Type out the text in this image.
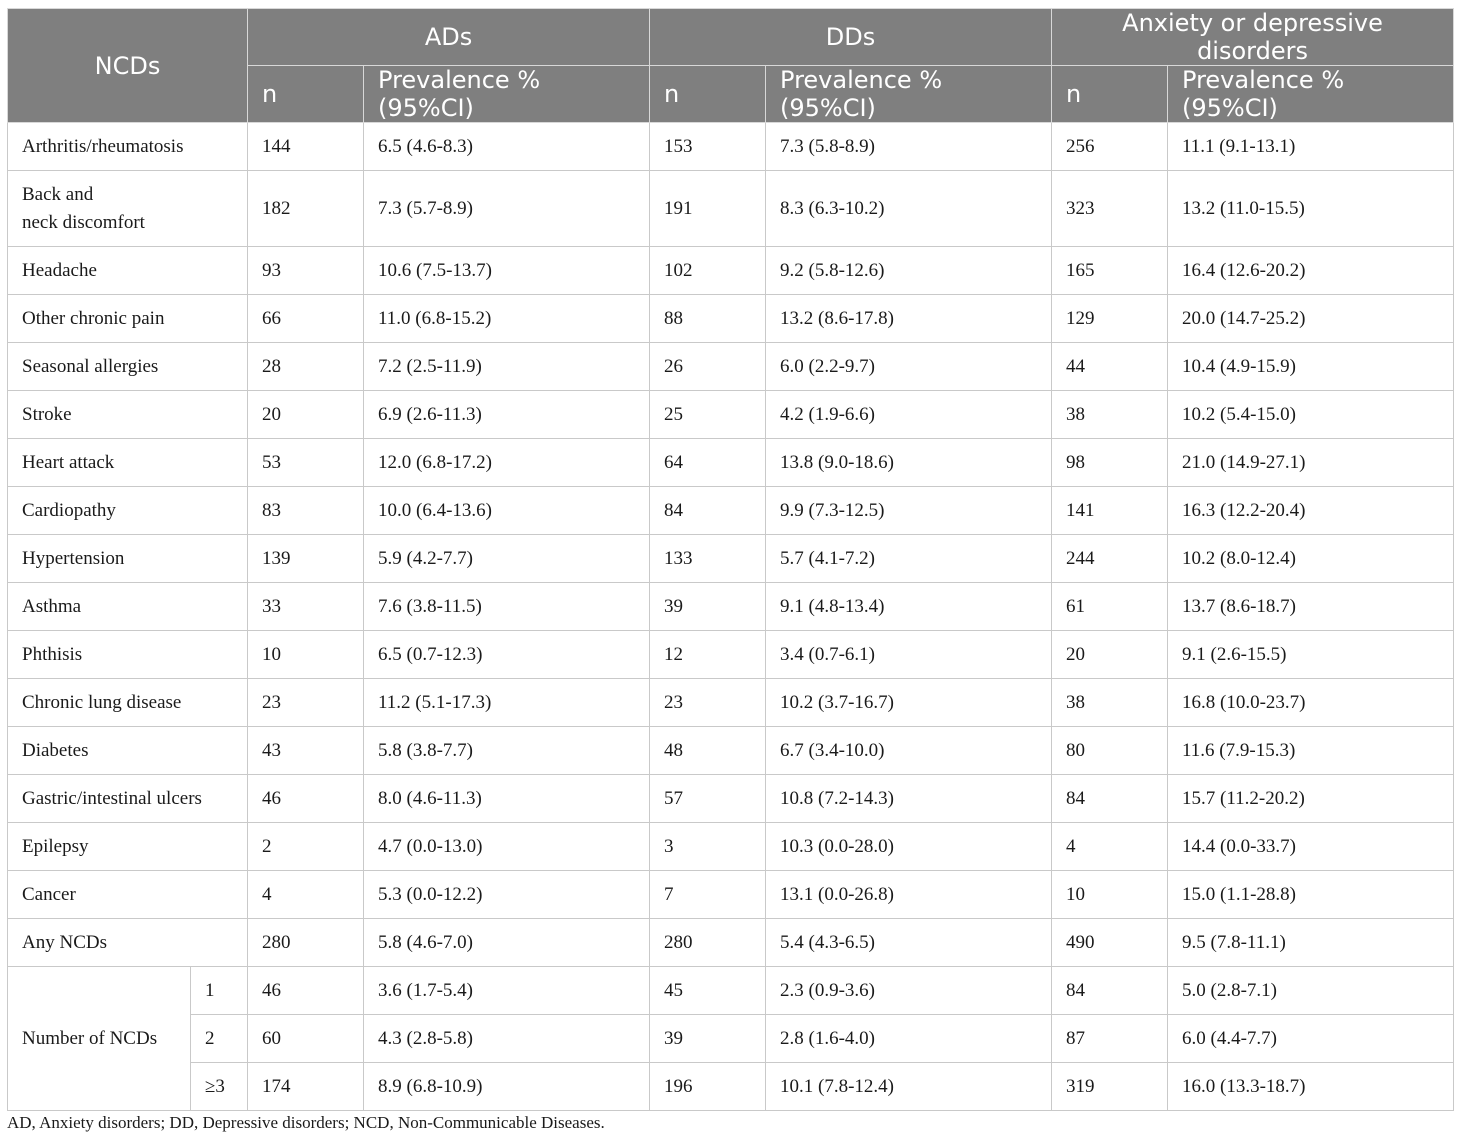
NCDs		ADs		DDs		Anxiety or depressive disorders	
		n	Prevalence % (95%CI)	n	Prevalence % (95%CI)	n	Prevalence % (95%CI)
Arthritis/rheumatosis		144	6.5 (4.6-8.3)	153	7.3 (5.8-8.9)	256	11.1 (9.1-13.1)
Back and
neck discomfort		182	7.3 (5.7-8.9)	191	8.3 (6.3-10.2)	323	13.2 (11.0-15.5)
Headache		93	10.6 (7.5-13.7)	102	9.2 (5.8-12.6)	165	16.4 (12.6-20.2)
Other chronic pain		66	11.0 (6.8-15.2)	88	13.2 (8.6-17.8)	129	20.0 (14.7-25.2)
Seasonal allergies		28	7.2 (2.5-11.9)	26	6.0 (2.2-9.7)	44	10.4 (4.9-15.9)
Stroke		20	6.9 (2.6-11.3)	25	4.2 (1.9-6.6)	38	10.2 (5.4-15.0)
Heart attack		53	12.0 (6.8-17.2)	64	13.8 (9.0-18.6)	98	21.0 (14.9-27.1)
Cardiopathy		83	10.0 (6.4-13.6)	84	9.9 (7.3-12.5)	141	16.3 (12.2-20.4)
Hypertension		139	5.9 (4.2-7.7)	133	5.7 (4.1-7.2)	244	10.2 (8.0-12.4)
Asthma		33	7.6 (3.8-11.5)	39	9.1 (4.8-13.4)	61	13.7 (8.6-18.7)
Phthisis		10	6.5 (0.7-12.3)	12	3.4 (0.7-6.1)	20	9.1 (2.6-15.5)
Chronic lung disease		23	11.2 (5.1-17.3)	23	10.2 (3.7-16.7)	38	16.8 (10.0-23.7)
Diabetes		43	5.8 (3.8-7.7)	48	6.7 (3.4-10.0)	80	11.6 (7.9-15.3)
Gastric/intestinal ulcers		46	8.0 (4.6-11.3)	57	10.8 (7.2-14.3)	84	15.7 (11.2-20.2)
Epilepsy		2	4.7 (0.0-13.0)	3	10.3 (0.0-28.0)	4	14.4 (0.0-33.7)
Cancer		4	5.3 (0.0-12.2)	7	13.1 (0.0-26.8)	10	15.0 (1.1-28.8)
Any NCDs		280	5.8 (4.6-7.0)	280	5.4 (4.3-6.5)	490	9.5 (7.8-11.1)
Number of NCDs	1	46	3.6 (1.7-5.4)	45	2.3 (0.9-3.6)	84	5.0 (2.8-7.1)
	2	60	4.3 (2.8-5.8)	39	2.8 (1.6-4.0)	87	6.0 (4.4-7.7)
	≥3	174	8.9 (6.8-10.9)	196	10.1 (7.8-12.4)	319	16.0 (13.3-18.7)
AD, Anxiety disorders; DD, Depressive disorders; NCD, Non-Communicable Diseases.
